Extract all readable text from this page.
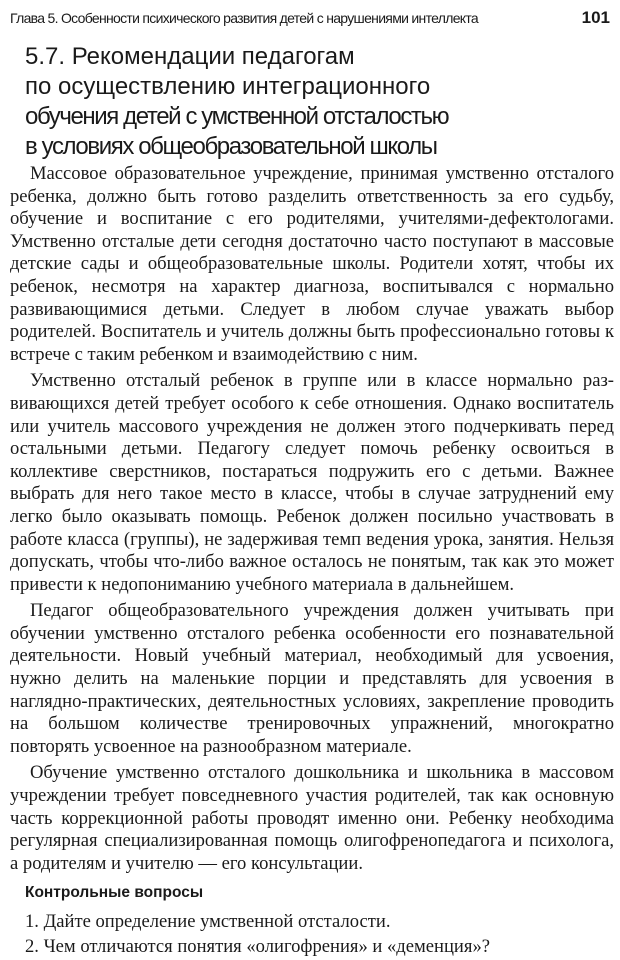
Глава 5. Особенности психического развития детей с нарушениями интеллекта	101
5.7. Рекомендации педагогам
по осуществлению интеграционного
обучения детей с умственной отсталостью
в условиях общеобразовательной школы

Массовое образовательное учреждение, принимая умственно отсталого ребенка, должно быть готово разделить ответственность за его судьбу, обучение и воспитание с его родителями, учителями-дефектологами. Умственно отсталые дети сегодня достаточно часто поступают в массовые детские сады и общеобразовательные школы. Родители хотят, чтобы их ребенок, несмотря на характер диагноза, воспитывался с нормально развивающимися детьми. Следует в любом случае уважать выбор родителей. Воспитатель и учитель должны быть профессионально готовы к встрече с таким ребенком и взаимодействию с ним.

Умственно отсталый ребенок в группе или в классе нормально развивающихся детей требует особого к себе отношения. Однако воспитатель или учитель массового учреждения не должен этого подчеркивать перед остальными детьми. Педагогу следует помочь ребенку освоиться в коллективе сверстников, постараться подружить его с детьми. Важнее выбрать для него такое место в классе, чтобы в случае затруднений ему легко было оказывать помощь. Ребенок должен посильно участвовать в работе класса (группы), не задерживая темп ведения урока, занятия. Нельзя допускать, чтобы что-либо важное осталось не понятым, так как это может привести к недопониманию учебного материала в дальнейшем.

Педагог общеобразовательного учреждения должен учитывать при обучении умственно отсталого ребенка особенности его познавательной деятельности. Новый учебный материал, необходимый для усвоения, нужно делить на маленькие порции и представлять для усвоения в наглядно-практических, деятельностных условиях, закрепление проводить на большом количестве тренировочных упражнений, многократно повторять усвоенное на разнообразном материале.

Обучение умственно отсталого дошкольника и школьника в массовом учреждении требует повседневного участия родителей, так как основную часть коррекционной работы проводят именно они. Ребенку необходима регулярная специализированная помощь олигофренопедагога и психолога, а родителям и учителю — его консультации.

Контрольные вопросы
1. Дайте определение умственной отсталости.
2. Чем отличаются понятия «олигофрения» и «деменция»?
